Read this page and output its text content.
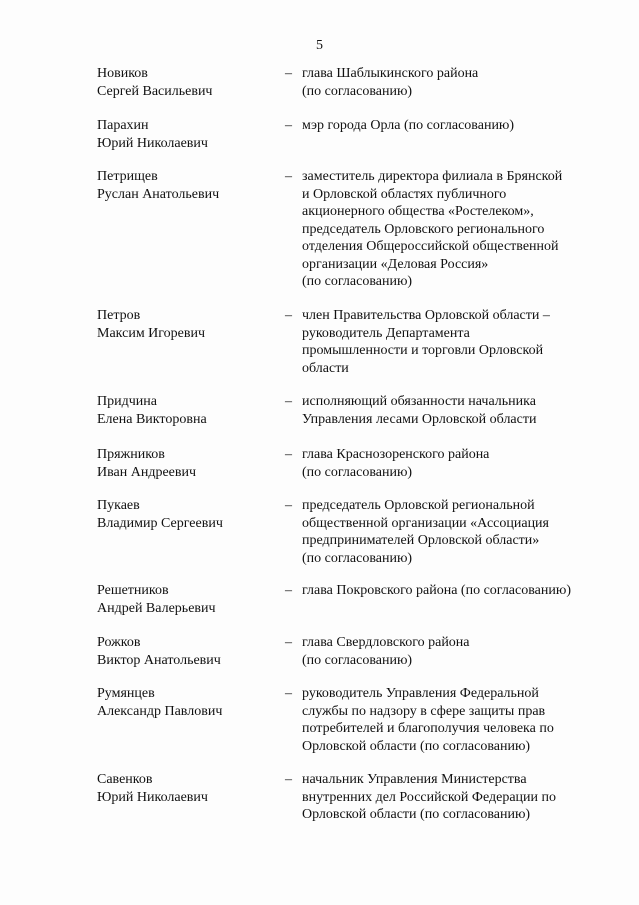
5
Новиков
Сергей Васильевич
– глава Шаблыкинского района
(по согласованию)
Парахин
Юрий Николаевич
– мэр города Орла (по согласованию)
Петрищев
Руслан Анатольевич
– заместитель директора филиала в Брянской
и Орловской областях публичного
акционерного общества «Ростелеком»,
председатель Орловского регионального
отделения Общероссийской общественной
организации «Деловая Россия»
(по согласованию)
Петров
Максим Игоревич
– член Правительства Орловской области –
руководитель Департамента
промышленности и торговли Орловской
области
Придчина
Елена Викторовна
– исполняющий обязанности начальника
Управления лесами Орловской области
Пряжников
Иван Андреевич
– глава Краснозоренского района
(по согласованию)
Пукаев
Владимир Сергеевич
– председатель Орловской региональной
общественной организации «Ассоциация
предпринимателей Орловской области»
(по согласованию)
Решетников
Андрей Валерьевич
– глава Покровского района (по согласованию)
Рожков
Виктор Анатольевич
– глава Свердловского района
(по согласованию)
Румянцев
Александр Павлович
– руководитель Управления Федеральной
службы по надзору в сфере защиты прав
потребителей и благополучия человека по
Орловской области (по согласованию)
Савенков
Юрий Николаевич
– начальник Управления Министерства
внутренних дел Российской Федерации по
Орловской области (по согласованию)
